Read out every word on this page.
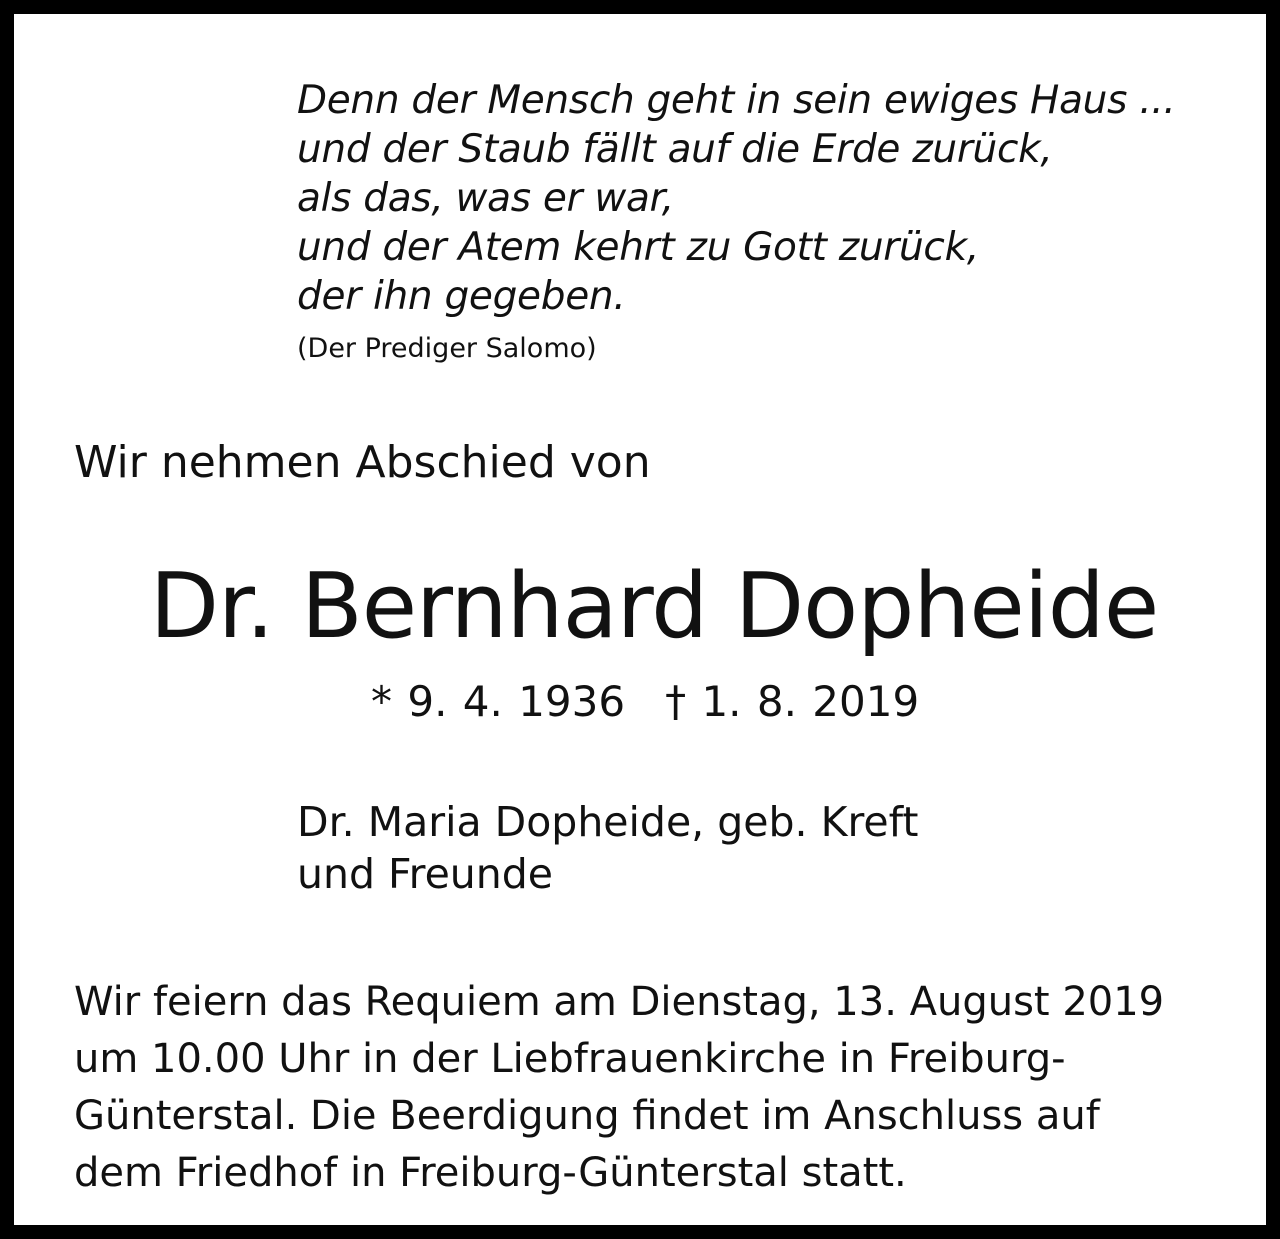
Denn der Mensch geht in sein ewiges Haus ...
und der Staub fällt auf die Erde zurück,
als das, was er war,
und der Atem kehrt zu Gott zurück,
der ihn gegeben.
(Der Prediger Salomo)
Wir nehmen Abschied von
Dr. Bernhard Dopheide
* 9. 4. 1936 † 1. 8. 2019
Dr. Maria Dopheide, geb. Kreft
und Freunde
Wir feiern das Requiem am Dienstag, 13. August 2019
um 10.00 Uhr in der Liebfrauenkirche in Freiburg-
Günterstal. Die Beerdigung findet im Anschluss auf
dem Friedhof in Freiburg-Günterstal statt.
